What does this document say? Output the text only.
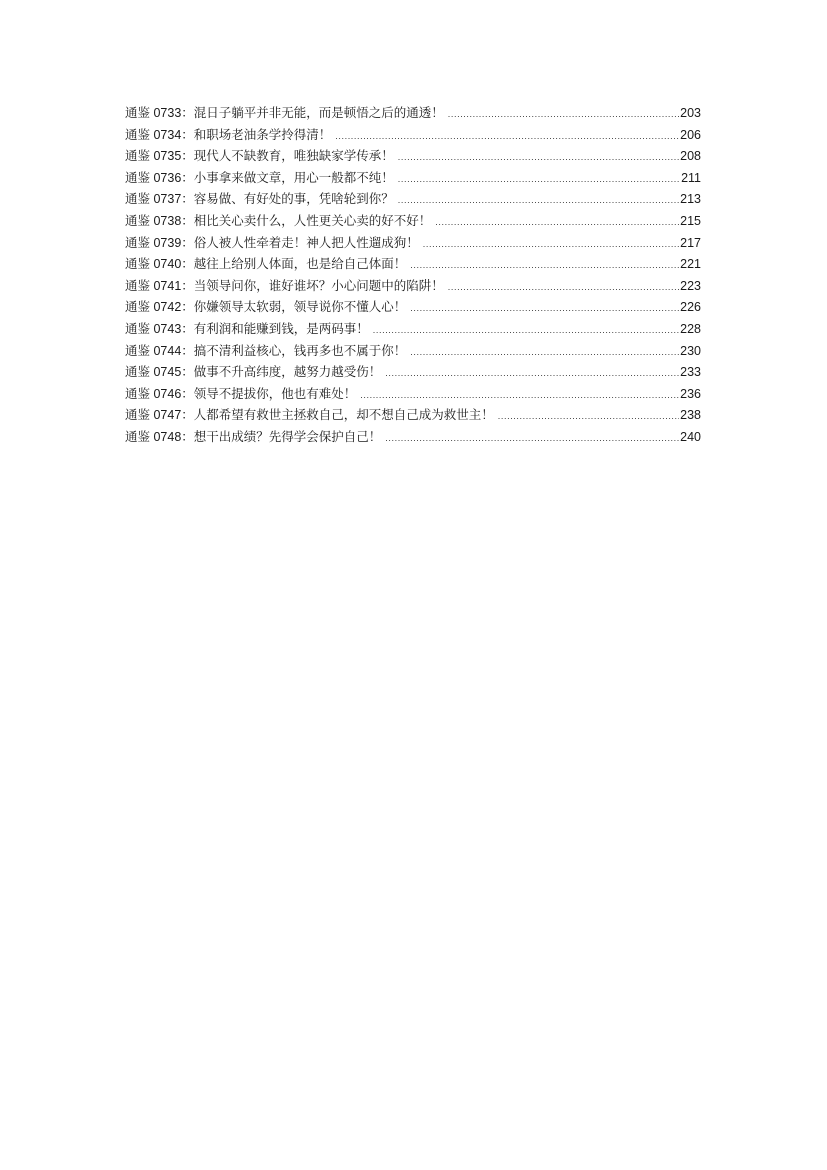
通鉴 0733： 混日子躺平并非无能，而是顿悟之后的通透！ .....	203
通鉴 0734： 和职场老油条学拎得清！ .....	206
通鉴 0735： 现代人不缺教育，唯独缺家学传承！ .....	208
通鉴 0736： 小事拿来做文章，用心一般都不纯！ .....	211
通鉴 0737： 容易做、有好处的事，凭啥轮到你？ .....	213
通鉴 0738： 相比关心卖什么，人性更关心卖的好不好！ .....	215
通鉴 0739： 俗人被人性牵着走！神人把人性遛成狗！ .....	217
通鉴 0740： 越往上给别人体面，也是给自己体面！ .....	221
通鉴 0741： 当领导问你，谁好谁坏？小心问题中的陷阱！ .....	223
通鉴 0742： 你嫌领导太软弱，领导说你不懂人心！ .....	226
通鉴 0743： 有利润和能赚到钱，是两码事！ .....	228
通鉴 0744： 搞不清利益核心，钱再多也不属于你！ .....	230
通鉴 0745： 做事不升高纬度，越努力越受伤！ .....	233
通鉴 0746： 领导不提拔你，他也有难处！ .....	236
通鉴 0747： 人都希望有救世主拯救自己，却不想自己成为救世主！ .....	238
通鉴 0748： 想干出成绩？先得学会保护自己！ .....	240
